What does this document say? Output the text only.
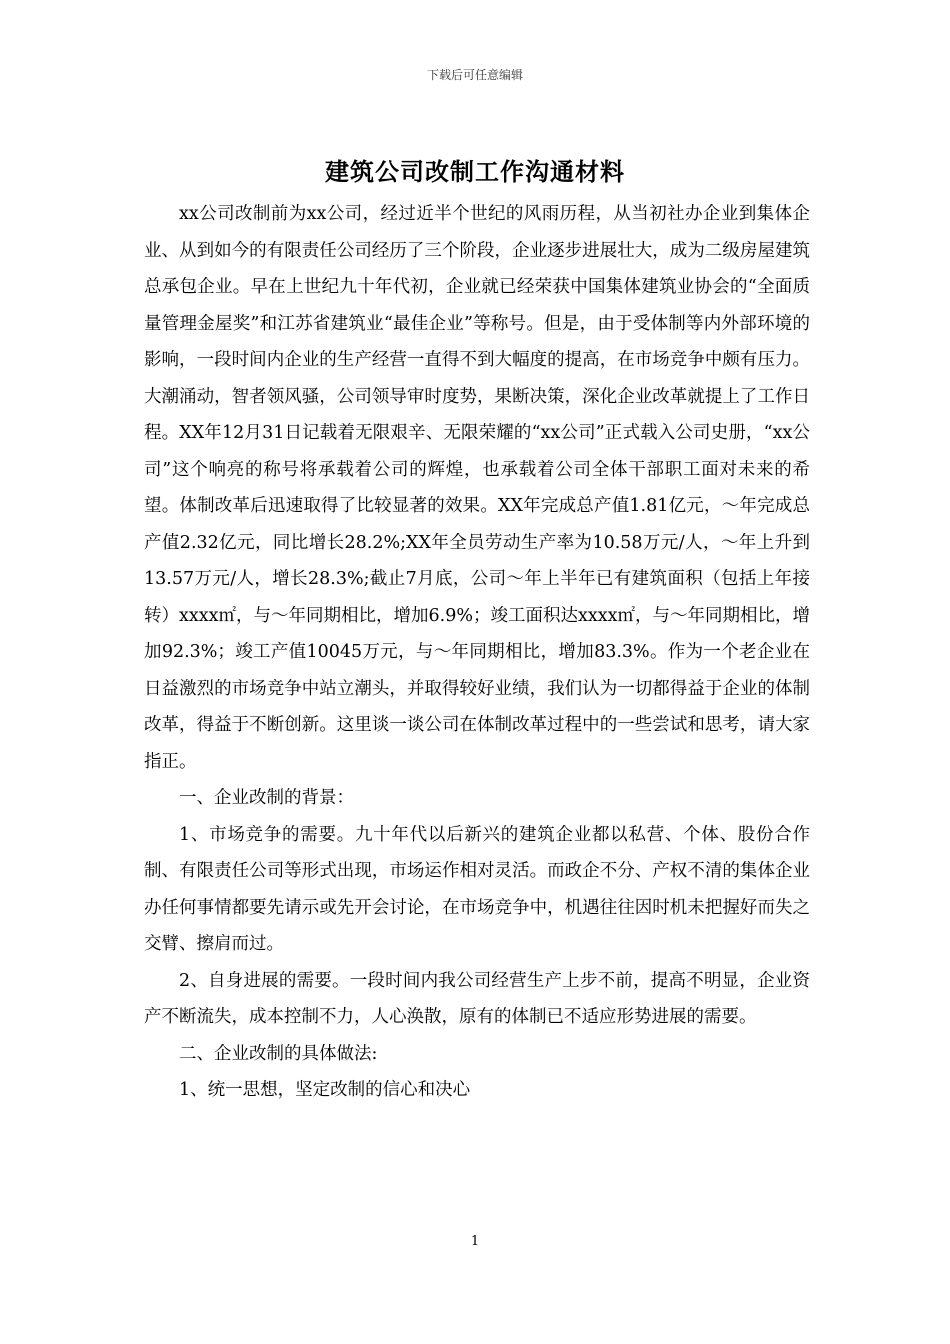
下载后可任意编辑
建筑公司改制工作沟通材料

xx公司改制前为xx公司，经过近半个世纪的风雨历程，从当初社办企业到集体企业、从到如今的有限责任公司经历了三个阶段，企业逐步进展壮大，成为二级房屋建筑总承包企业。早在上世纪九十年代初，企业就已经荣获中国集体建筑业协会的“全面质量管理金屋奖”和江苏省建筑业“最佳企业”等称号。但是，由于受体制等内外部环境的影响，一段时间内企业的生产经营一直得不到大幅度的提高，在市场竞争中颇有压力。大潮涌动，智者领风骚，公司领导审时度势，果断决策，深化企业改革就提上了工作日程。XX年12月31日记载着无限艰辛、无限荣耀的“xx公司”正式载入公司史册，“xx公司”这个响亮的称号将承载着公司的辉煌，也承载着公司全体干部职工面对未来的希望。体制改革后迅速取得了比较显著的效果。XX年完成总产值1.81亿元，～年完成总产值2.32亿元，同比增长28.2%;XX年全员劳动生产率为10.58万元/人，～年上升到13.57万元/人，增长28.3%;截止7月底，公司～年上半年已有建筑面积（包括上年接转）xxxx㎡，与～年同期相比，增加6.9%；竣工面积达xxxx㎡，与～年同期相比，增加92.3%；竣工产值10045万元，与～年同期相比，增加83.3%。作为一个老企业在日益激烈的市场竞争中站立潮头，并取得较好业绩，我们认为一切都得益于企业的体制改革，得益于不断创新。这里谈一谈公司在体制改革过程中的一些尝试和思考，请大家指正。

一、企业改制的背景：

1、市场竞争的需要。九十年代以后新兴的建筑企业都以私营、个体、股份合作制、有限责任公司等形式出现，市场运作相对灵活。而政企不分、产权不清的集体企业办任何事情都要先请示或先开会讨论，在市场竞争中，机遇往往因时机未把握好而失之交臂、擦肩而过。

2、自身进展的需要。一段时间内我公司经营生产上步不前，提高不明显，企业资产不断流失，成本控制不力，人心涣散，原有的体制已不适应形势进展的需要。

二、企业改制的具体做法:

1、统一思想，坚定改制的信心和决心

1
